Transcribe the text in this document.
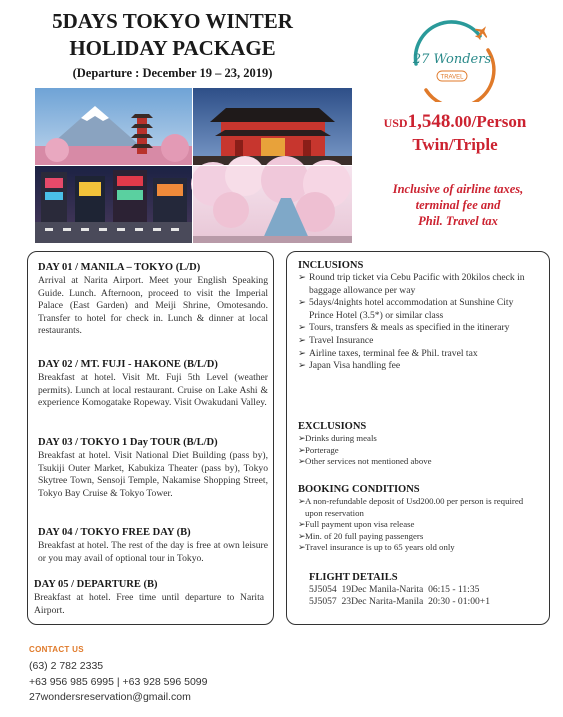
5DAYS TOKYO WINTER
HOLIDAY PACKAGE
(Departure : December 19 – 23, 2019)
27 Wonders
TRAVEL
USD1,548.00/Person
Twin/Triple
Inclusive of airline taxes,
terminal fee and
Phil. Travel tax
DAY 01 / MANILA – TOKYO (L/D)

Arrival at Narita Airport. Meet your English Speaking Guide. Lunch. Afternoon, proceed to visit the Imperial Palace (East Garden) and Meiji Shrine, Omotesando. Transfer to hotel for check in. Lunch & dinner at local restaurants.

DAY 02 / MT. FUJI - HAKONE (B/L/D)

Breakfast at hotel. Visit Mt. Fuji 5th Level (weather permits). Lunch at local restaurant. Cruise on Lake Ashi & experience Komogatake Ropeway. Visit Owakudani Valley.

DAY 03 / TOKYO 1 Day TOUR (B/L/D)

Breakfast at hotel. Visit National Diet Building (pass by), Tsukiji Outer Market, Kabukiza Theater (pass by), Tokyo Skytree Town, Sensoji Temple, Nakamise Shopping Street, Tokyo Bay Cruise & Tokyo Tower.

DAY 04 / TOKYO FREE DAY (B)

Breakfast at hotel. The rest of the day is free at own leisure or you may avail of optional tour in Tokyo.

DAY 05 / DEPARTURE (B)

Breakfast at hotel. Free time until departure to Narita Airport.

INCLUSIONS
➢ Round trip ticket via Cebu Pacific with 20kilos check in baggage allowance per way
➢ 5days/4nights hotel accommodation at Sunshine City Prince Hotel (3.5*) or similar class
➢ Tours, transfers & meals as specified in the itinerary
➢ Travel Insurance
➢ Airline taxes, terminal fee & Phil. travel tax
➢ Japan Visa handling fee
EXCLUSIONS
➢ Drinks during meals
➢ Porterage
➢ Other services not mentioned above
BOOKING CONDITIONS
➢ A non-refundable deposit of Usd200.00 per person is required upon reservation
➢ Full payment upon visa release
➢ Min. of 20 full paying passengers
➢ Travel insurance is up to 65 years old only
FLIGHT DETAILS
5J5054  19Dec Manila-Narita  06:15 - 11:35
5J5057  23Dec Narita-Manila  20:30 - 01:00+1
CONTACT US
(63) 2 782 2335
+63 956 985 6995 | +63 928 596 5099
27wondersreservation@gmail.com
